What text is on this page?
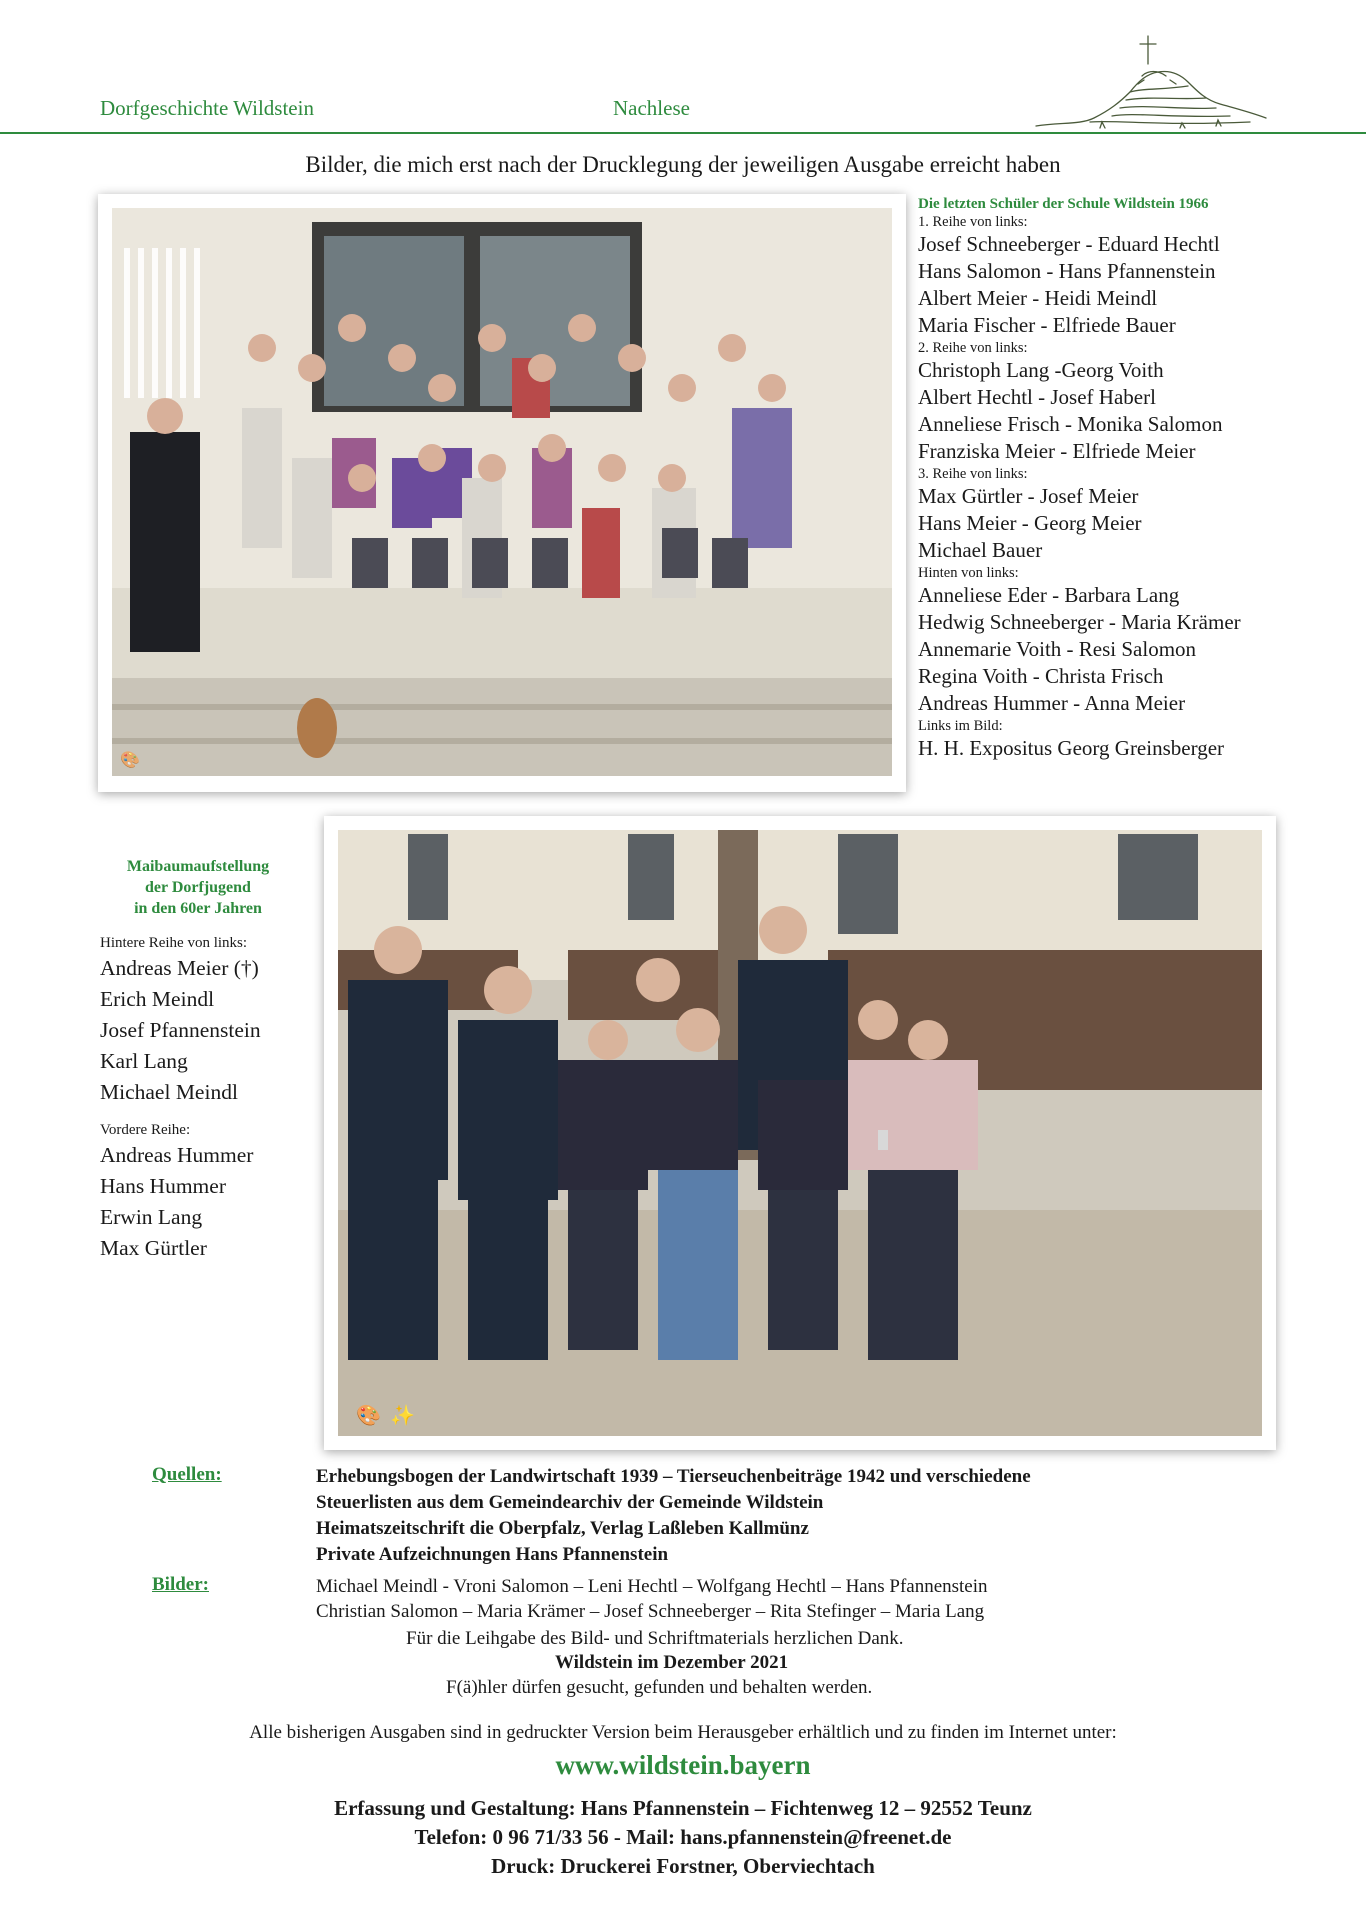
Dorfgeschichte Wildstein	Nachlese
Bilder, die mich erst nach der Drucklegung der jeweiligen Ausgabe erreicht haben
🎨
Die letzten Schüler der Schule Wildstein 1966
1. Reihe von links:
Josef Schneeberger - Eduard Hechtl
Hans Salomon - Hans Pfannenstein
Albert Meier - Heidi Meindl
Maria Fischer - Elfriede Bauer
2. Reihe von links:
Christoph Lang -Georg Voith
Albert Hechtl - Josef Haberl
Anneliese Frisch - Monika Salomon
Franziska Meier - Elfriede Meier
3. Reihe von links:
Max Gürtler - Josef Meier
Hans Meier - Georg Meier
Michael Bauer
Hinten von links:
Anneliese Eder - Barbara Lang
Hedwig Schneeberger - Maria Krämer
Annemarie Voith - Resi Salomon
Regina Voith - Christa Frisch
Andreas Hummer - Anna Meier
Links im Bild:
H. H. Expositus Georg Greinsberger
Maibaumaufstellung
der Dorfjugend
in den 60er Jahren
Hintere Reihe von links:
Andreas Meier (†)
Erich Meindl
Josef Pfannenstein
Karl Lang
Michael Meindl
Vordere Reihe:
Andreas Hummer
Hans Hummer
Erwin Lang
Max Gürtler
🎨 ✨
Quellen:	Erhebungsbogen der Landwirtschaft 1939 – Tierseuchenbeiträge 1942 und verschiedene
Steuerlisten aus dem Gemeindearchiv der Gemeinde Wildstein
Heimatszeitschrift die Oberpfalz, Verlag Laßleben Kallmünz
Private Aufzeichnungen Hans Pfannenstein
Bilder:	Michael Meindl - Vroni Salomon – Leni Hechtl – Wolfgang Hechtl – Hans Pfannenstein
Christian Salomon – Maria Krämer – Josef Schneeberger – Rita Stefinger – Maria Lang
Für die Leihgabe des Bild- und Schriftmaterials herzlichen Dank.
Wildstein im Dezember 2021
F(ä)hler dürfen gesucht, gefunden und behalten werden.
Alle bisherigen Ausgaben sind in gedruckter Version beim Herausgeber erhältlich und zu finden im Internet unter:
www.wildstein.bayern
Erfassung und Gestaltung: Hans Pfannenstein – Fichtenweg 12 – 92552 Teunz
Telefon: 0 96 71/33 56 - Mail: hans.pfannenstein@freenet.de
Druck: Druckerei Forstner, Oberviechtach
